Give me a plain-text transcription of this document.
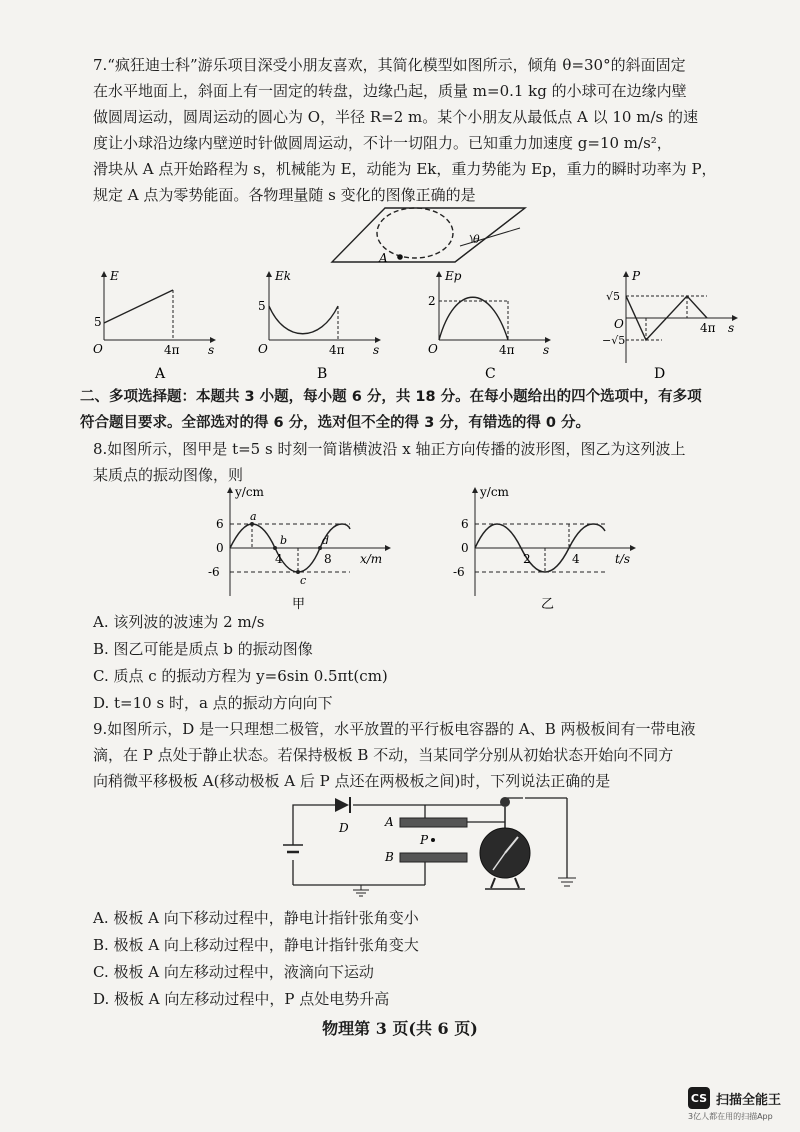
7.“疯狂迪士科”游乐项目深受小朋友喜欢，其简化模型如图所示，倾角 θ=30°的斜面固定
在水平地面上，斜面上有一固定的转盘，边缘凸起，质量 m=0.1 kg 的小球可在边缘内壁
做圆周运动，圆周运动的圆心为 O，半径 R=2 m。某个小朋友从最低点 A 以 10 m/s 的速
度让小球沿边缘内壁逆时针做圆周运动，不计一切阻力。已知重力加速度 g=10 m/s²，
滑块从 A 点开始路程为 s，机械能为 E，动能为 Ek，重力势能为 Ep，重力的瞬时功率为 P，
规定 A 点为零势能面。各物理量随 s 变化的图像正确的是
θ
A
E
5
O	4π s
A
Ek
5
O	4π s
B
Ep
2
O	4π s
C
P
√5
−√5
O	4π s
D
二、多项选择题：本题共 3 小题，每小题 6 分，共 18 分。在每小题给出的四个选项中，有多项
符合题目要求。全部选对的得 6 分，选对但不全的得 3 分，有错选的得 0 分。
8.如图所示，图甲是 t=5 s 时刻一简谐横波沿 x 轴正方向传播的波形图，图乙为这列波上
某质点的振动图像，则
y/cm
6
0
-6
4	8 x/m
a
b
c
d
甲
y/cm
6
0
-6
2	4	t/s
乙
A. 该列波的波速为 2 m/s
B. 图乙可能是质点 b 的振动图像
C. 质点 c 的振动方程为 y=6sin 0.5πt(cm)
D. t=10 s 时，a 点的振动方向向下
9.如图所示，D 是一只理想二极管，水平放置的平行板电容器的 A、B 两极板间有一带电液
滴，在 P 点处于静止状态。若保持极板 B 不动，当某同学分别从初始状态开始向不同方
向稍微平移极板 A(移动极板 A 后 P 点还在两极板之间)时，下列说法正确的是
D	A
B
P
A. 极板 A 向下移动过程中，静电计指针张角变小
B. 极板 A 向上移动过程中，静电计指针张角变大
C. 极板 A 向左移动过程中，液滴向下运动
D. 极板 A 向左移动过程中，P 点处电势升高
物理第 3 页(共 6 页)
CS 扫描全能王
3亿人都在用的扫描App
